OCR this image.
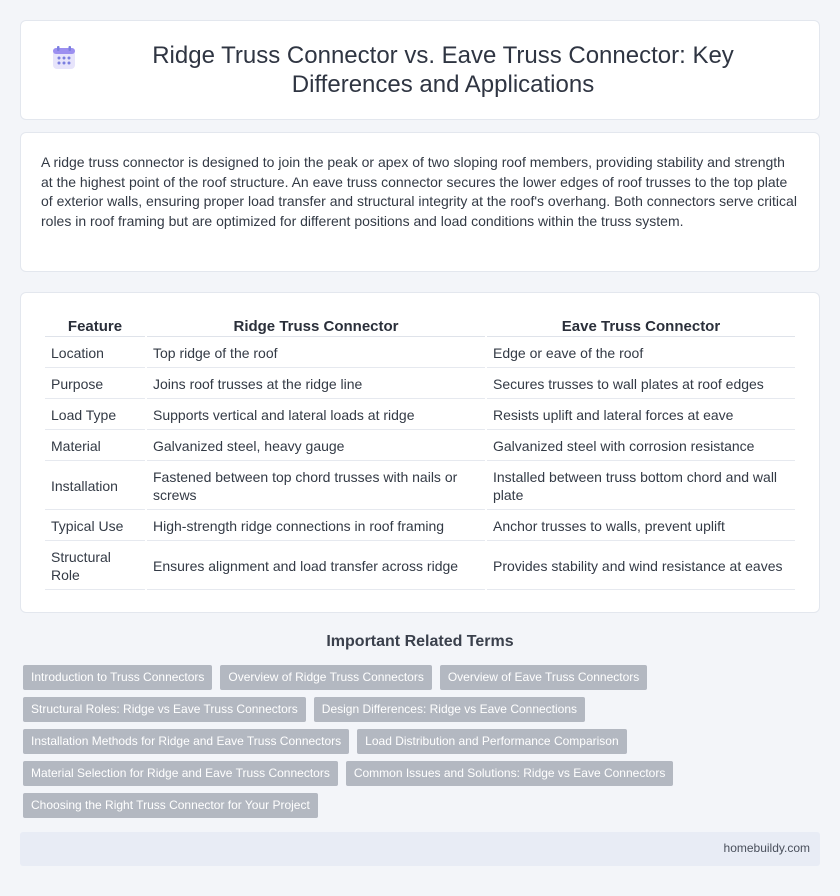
Ridge Truss Connector vs. Eave Truss Connector: Key Differences and Applications

A ridge truss connector is designed to join the peak or apex of two sloping roof members, providing stability and strength at the highest point of the roof structure. An eave truss connector secures the lower edges of roof trusses to the top plate of exterior walls, ensuring proper load transfer and structural integrity at the roof's overhang. Both connectors serve critical roles in roof framing but are optimized for different positions and load conditions within the truss system.

Feature	Ridge Truss Connector	Eave Truss Connector
Location	Top ridge of the roof	Edge or eave of the roof
Purpose	Joins roof trusses at the ridge line	Secures trusses to wall plates at roof edges
Load Type	Supports vertical and lateral loads at ridge	Resists uplift and lateral forces at eave
Material	Galvanized steel, heavy gauge	Galvanized steel with corrosion resistance
Installation	Fastened between top chord trusses with nails or screws	Installed between truss bottom chord and wall plate
Typical Use	High-strength ridge connections in roof framing	Anchor trusses to walls, prevent uplift
Structural Role	Ensures alignment and load transfer across ridge	Provides stability and wind resistance at eaves
Important Related Terms
Introduction to Truss Connectors	Overview of Ridge Truss Connectors	Overview of Eave Truss Connectors
Structural Roles: Ridge vs Eave Truss Connectors	Design Differences: Ridge vs Eave Connections
Installation Methods for Ridge and Eave Truss Connectors	Load Distribution and Performance Comparison
Material Selection for Ridge and Eave Truss Connectors	Common Issues and Solutions: Ridge vs Eave Connectors
Choosing the Right Truss Connector for Your Project
homebuildy.com
